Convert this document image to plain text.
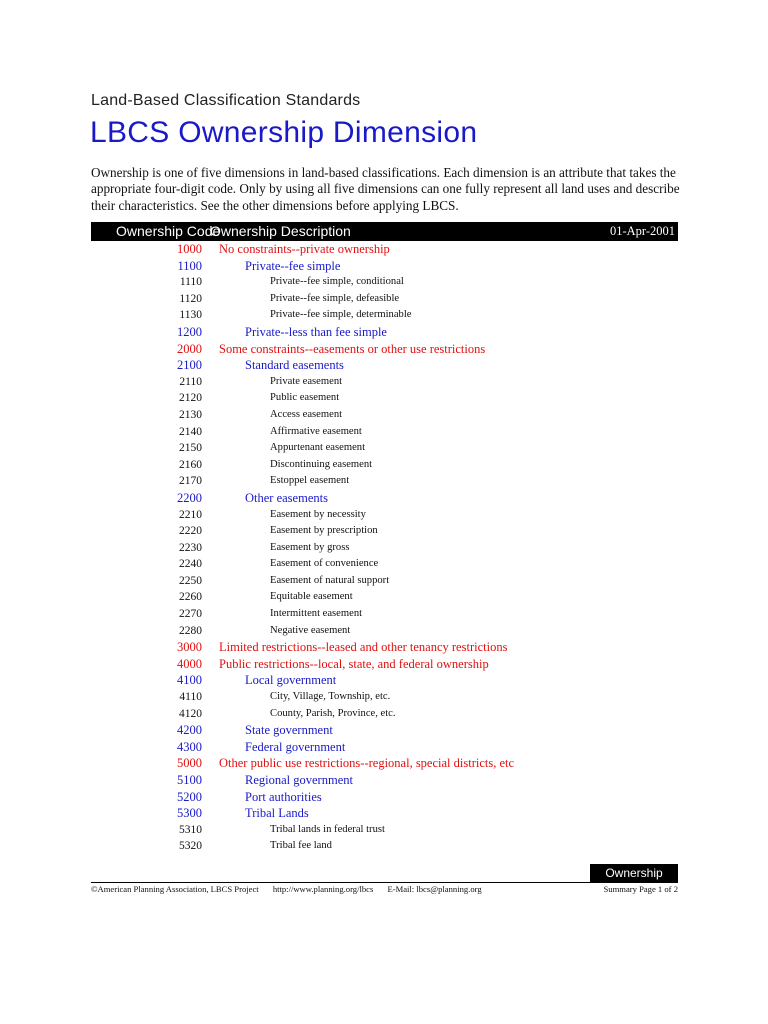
Land-Based Classification Standards
LBCS Ownership Dimension
Ownership is one of five dimensions in land-based classifications. Each dimension is an attribute that takes the appropriate four-digit code. Only by using all five dimensions can one fully represent all land uses and describe their characteristics. See the other dimensions before applying LBCS.
Ownership Code
Ownership Description	01-Apr-2001
1000 No constraints--private ownership
1100	Private--fee simple
1110	Private--fee simple, conditional
1120	Private--fee simple, defeasible
1130	Private--fee simple, determinable
1200	Private--less than fee simple
2000 Some constraints--easements or other use restrictions
2100	Standard easements
2110	Private easement
2120	Public easement
2130	Access easement
2140	Affirmative easement
2150	Appurtenant easement
2160	Discontinuing easement
2170	Estoppel easement
2200	Other easements
2210	Easement by necessity
2220	Easement by prescription
2230	Easement by gross
2240	Easement of convenience
2250	Easement of natural support
2260	Equitable easement
2270	Intermittent easement
2280	Negative easement
3000 Limited restrictions--leased and other tenancy restrictions
4000 Public restrictions--local, state, and federal ownership
4100	Local government
4110	City, Village, Township, etc.
4120	County, Parish, Province, etc.
4200	State government
4300	Federal government
5000 Other public use restrictions--regional, special districts, etc
5100	Regional government
5200	Port authorities
5300	Tribal Lands
5310	Tribal lands in federal trust
5320	Tribal fee land
Ownership
©American Planning Association, LBCS Project http://www.planning.org/lbcs E-Mail: lbcs@planning.org	Summary Page 1 of 2
